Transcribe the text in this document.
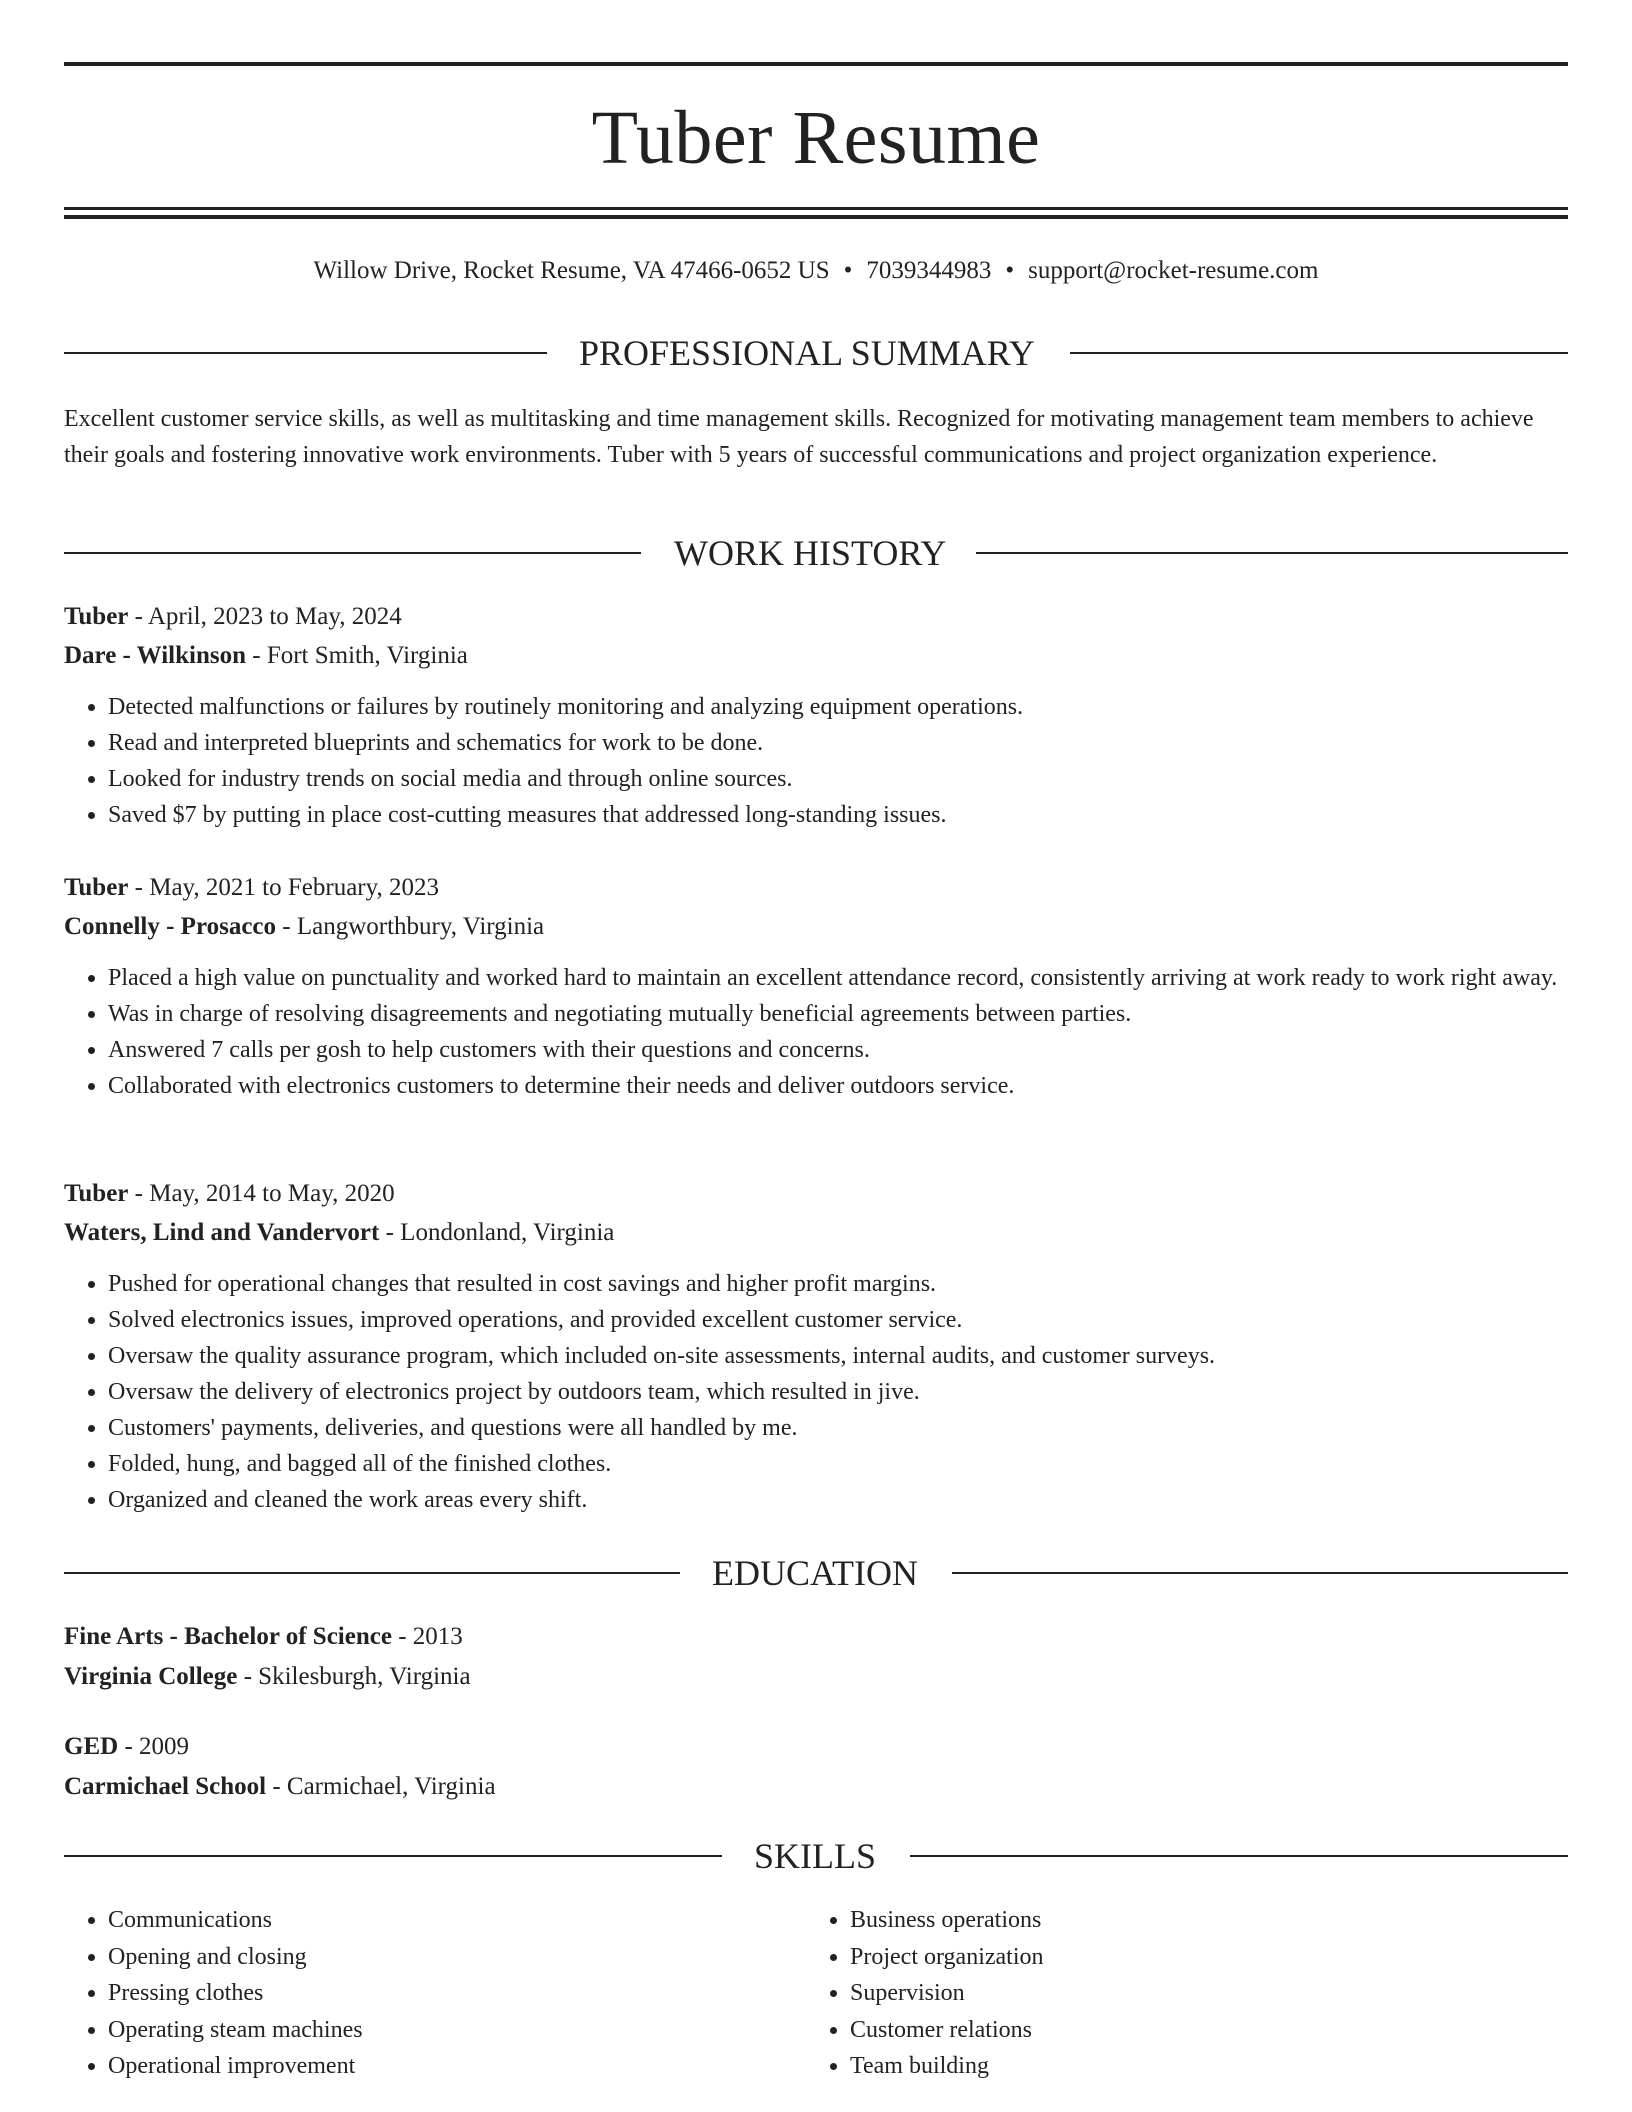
Tuber Resume
Willow Drive, Rocket Resume, VA 47466-0652 US • 7039344983 • support@rocket-resume.com
PROFESSIONAL SUMMARY
Excellent customer service skills, as well as multitasking and time management skills. Recognized for motivating management team members to achieve their goals and fostering innovative work environments. Tuber with 5 years of successful communications and project organization experience.
WORK HISTORY
Tuber - April, 2023 to May, 2024
Dare - Wilkinson - Fort Smith, Virginia
• Detected malfunctions or failures by routinely monitoring and analyzing equipment operations.
• Read and interpreted blueprints and schematics for work to be done.
• Looked for industry trends on social media and through online sources.
• Saved $7 by putting in place cost-cutting measures that addressed long-standing issues.
Tuber - May, 2021 to February, 2023
Connelly - Prosacco - Langworthbury, Virginia
• Placed a high value on punctuality and worked hard to maintain an excellent attendance record, consistently arriving at work ready to work right away.
• Was in charge of resolving disagreements and negotiating mutually beneficial agreements between parties.
• Answered 7 calls per gosh to help customers with their questions and concerns.
• Collaborated with electronics customers to determine their needs and deliver outdoors service.
Tuber - May, 2014 to May, 2020
Waters, Lind and Vandervort - Londonland, Virginia
• Pushed for operational changes that resulted in cost savings and higher profit margins.
• Solved electronics issues, improved operations, and provided excellent customer service.
• Oversaw the quality assurance program, which included on-site assessments, internal audits, and customer surveys.
• Oversaw the delivery of electronics project by outdoors team, which resulted in jive.
• Customers' payments, deliveries, and questions were all handled by me.
• Folded, hung, and bagged all of the finished clothes.
• Organized and cleaned the work areas every shift.
EDUCATION
Fine Arts - Bachelor of Science - 2013
Virginia College - Skilesburgh, Virginia
GED - 2009
Carmichael School - Carmichael, Virginia
SKILLS
• Communications
• Opening and closing
• Pressing clothes
• Operating steam machines
• Operational improvement
• Business operations
• Project organization
• Supervision
• Customer relations
• Team building
